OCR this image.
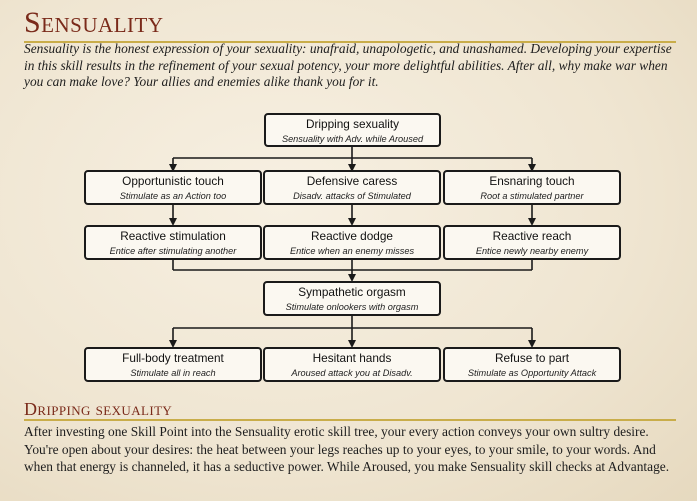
Sensuality
Sensuality is the honest expression of your sexuality: unafraid, unapologetic, and unashamed. Developing your expertise in this skill results in the refinement of your sexual potency, your more delightful abilities. After all, why make war when you can make love? Your allies and enemies alike thank you for it.
Dripping sexuality
Sensuality with Adv. while Aroused
Opportunistic touch
Stimulate as an Action too
Defensive caress
Disadv. attacks of Stimulated
Ensnaring touch
Root a stimulated partner
Reactive stimulation
Entice after stimulating another
Reactive dodge
Entice when an enemy misses
Reactive reach
Entice newly nearby enemy
Sympathetic orgasm
Stimulate onlookers with orgasm
Full-body treatment
Stimulate all in reach
Hesitant hands
Aroused attack you at Disadv.
Refuse to part
Stimulate as Opportunity Attack
Dripping sexuality
After investing one Skill Point into the Sensuality erotic skill tree, your every action conveys your own sultry desire. You're open about your desires: the heat between your legs reaches up to your eyes, to your smile, to your words. And when that energy is channeled, it has a seductive power. While Aroused, you make Sensuality skill checks at Advantage.
